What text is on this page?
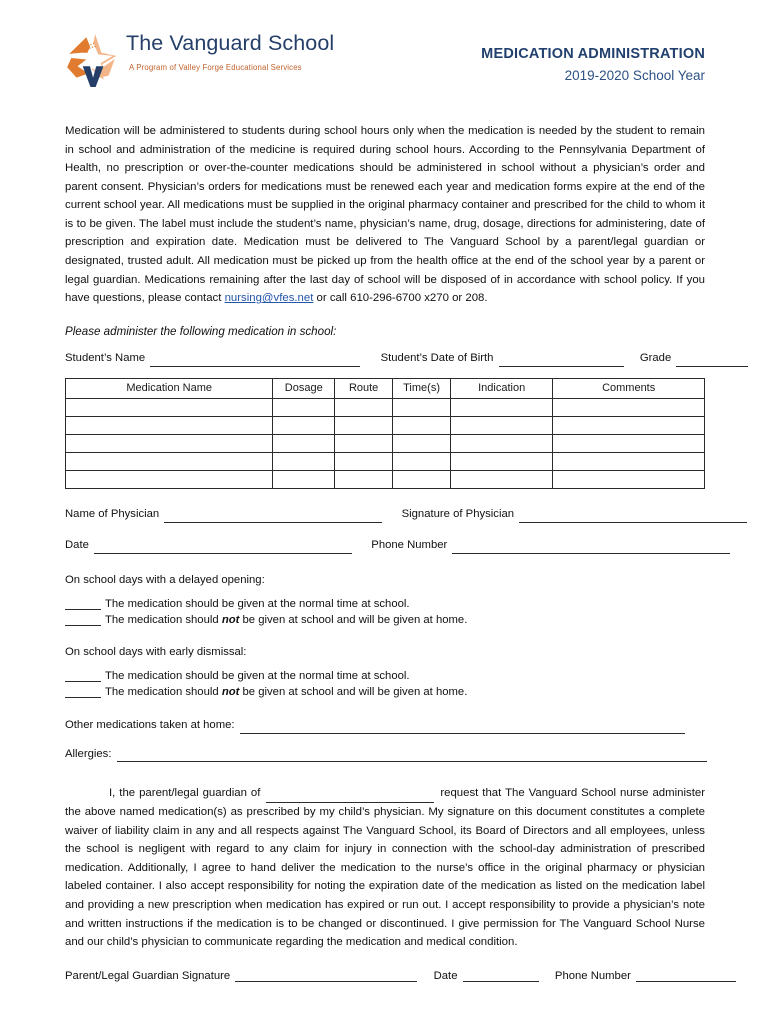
The Vanguard School
A Program of Valley Forge Educational Services
MEDICATION ADMINISTRATION
2019-2020 School Year

Medication will be administered to students during school hours only when the medication is needed by the student to remain in school and administration of the medicine is required during school hours. According to the Pennsylvania Department of Health, no prescription or over-the-counter medications should be administered in school without a physician’s order and parent consent. Physician’s orders for medications must be renewed each year and medication forms expire at the end of the current school year. All medications must be supplied in the original pharmacy container and prescribed for the child to whom it is to be given. The label must include the student’s name, physician’s name, drug, dosage, directions for administering, date of prescription and expiration date. Medication must be delivered to The Vanguard School by a parent/legal guardian or designated, trusted adult. All medication must be picked up from the health office at the end of the school year by a parent or legal guardian. Medications remaining after the last day of school will be disposed of in accordance with school policy. If you have questions, please contact nursing@vfes.net or call 610-296-6700 x270 or 208.

Please administer the following medication in school:
Student’s Name	Student’s Date of Birth	Grade
Medication Name	Dosage	Route	Time(s)	Indication	Comments

Name of Physician	Signature of Physician
Date	Phone Number
On school days with a delayed opening:
The medication should be given at the normal time at school.
The medication should not be given at school and will be given at home.
On school days with early dismissal:
The medication should be given at the normal time at school.
The medication should not be given at school and will be given at home.
Other medications taken at home:
Allergies:

I, the parent/legal guardian of	request that The Vanguard School nurse administer the above named medication(s) as prescribed by my child’s physician. My signature on this document constitutes a complete waiver of liability claim in any and all respects against The Vanguard School, its Board of Directors and all employees, unless the school is negligent with regard to any claim for injury in connection with the school-day administration of prescribed medication. Additionally, I agree to hand deliver the medication to the nurse’s office in the original pharmacy or physician labeled container. I also accept responsibility for noting the expiration date of the medication as listed on the medication label and providing a new prescription when medication has expired or run out. I accept responsibility to provide a physician’s note and written instructions if the medication is to be changed or discontinued. I give permission for The Vanguard School Nurse and our child’s physician to communicate regarding the medication and medical condition.

Parent/Legal Guardian Signature	Date	Phone Number
